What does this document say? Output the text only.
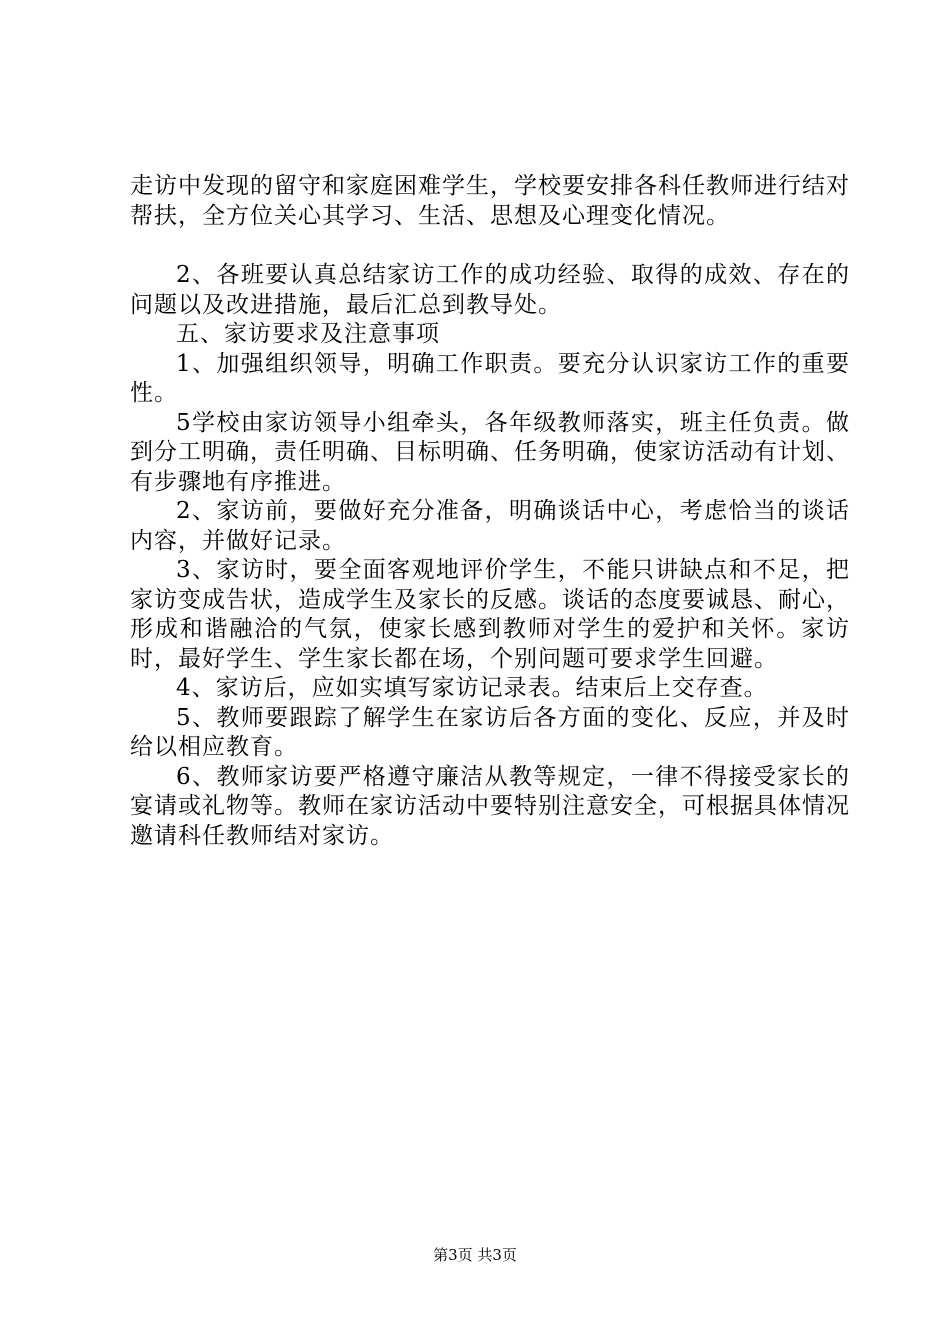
走访中发现的留守和家庭困难学生，学校要安排各科任教师进行结对帮扶，全方位关心其学习、生活、思想及心理变化情况。

2、各班要认真总结家访工作的成功经验、取得的成效、存在的问题以及改进措施，最后汇总到教导处。

五、家访要求及注意事项

1、加强组织领导，明确工作职责。要充分认识家访工作的重要性。

5学校由家访领导小组牵头，各年级教师落实，班主任负责。做到分工明确，责任明确、目标明确、任务明确，使家访活动有计划、有步骤地有序推进。

2、家访前，要做好充分准备，明确谈话中心，考虑恰当的谈话内容，并做好记录。

3、家访时，要全面客观地评价学生，不能只讲缺点和不足，把家访变成告状，造成学生及家长的反感。谈话的态度要诚恳、耐心，形成和谐融洽的气氛，使家长感到教师对学生的爱护和关怀。家访时，最好学生、学生家长都在场，个别问题可要求学生回避。

4、家访后，应如实填写家访记录表。结束后上交存查。

5、教师要跟踪了解学生在家访后各方面的变化、反应，并及时给以相应教育。

6、教师家访要严格遵守廉洁从教等规定，一律不得接受家长的宴请或礼物等。教师在家访活动中要特别注意安全，可根据具体情况邀请科任教师结对家访。

第3页 共3页
